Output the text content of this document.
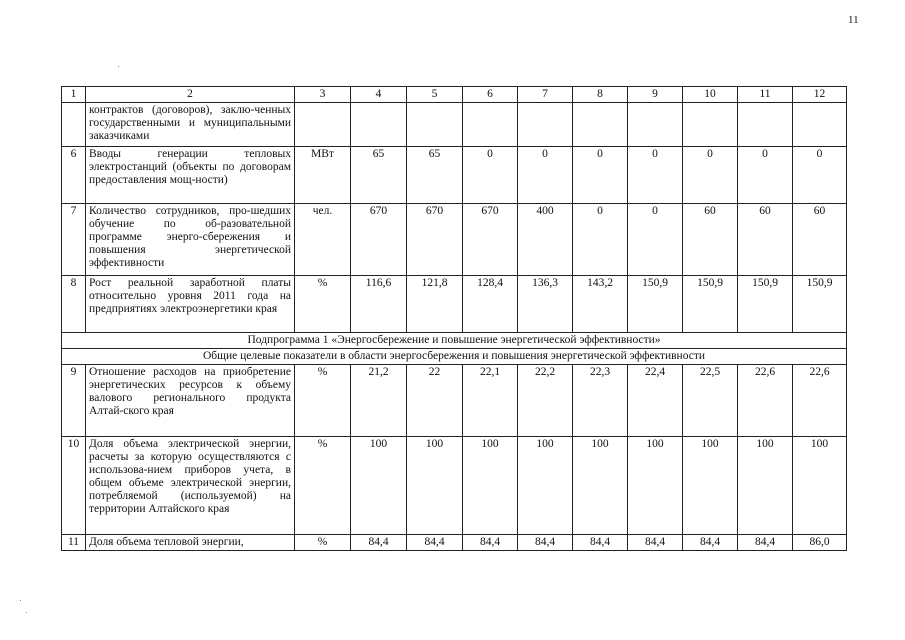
11
1	2	3	4	5	6	7	8	9	10	11	12
	контрактов (договоров), заклю-ченных государственными и муниципальными заказчиками										
6	Вводы генерации тепловых электростанций (объекты по договорам предоставления мощ-ности)	МВт	65	65	0	0	0	0	0	0	0
7	Количество сотрудников, про-шедших обучение по об-разовательной программе энерго-сбережения и повышения энергетической эффективности	чел.	670	670	670	400	0	0	60	60	60
8	Рост реальной заработной платы относительно уровня 2011 года на предприятиях электроэнергетики края	%	116,6	121,8	128,4	136,3	143,2	150,9	150,9	150,9	150,9
Подпрограмма 1 «Энергосбережение и повышение энергетической эффективности»											
Общие целевые показатели в области энергосбережения и повышения энергетической эффективности											
9	Отношение расходов на приобретение энергетических ресурсов к объему валового регионального продукта Алтай-ского края	%	21,2	22	22,1	22,2	22,3	22,4	22,5	22,6	22,6
10	Доля объема электрической энергии, расчеты за которую осуществляются с использова-нием приборов учета, в общем объеме электрической энергии, потребляемой (используемой) на территории Алтайского края	%	100	100	100	100	100	100	100	100	100
11	Доля объема тепловой энергии,	%	84,4	84,4	84,4	84,4	84,4	84,4	84,4	84,4	86,0
